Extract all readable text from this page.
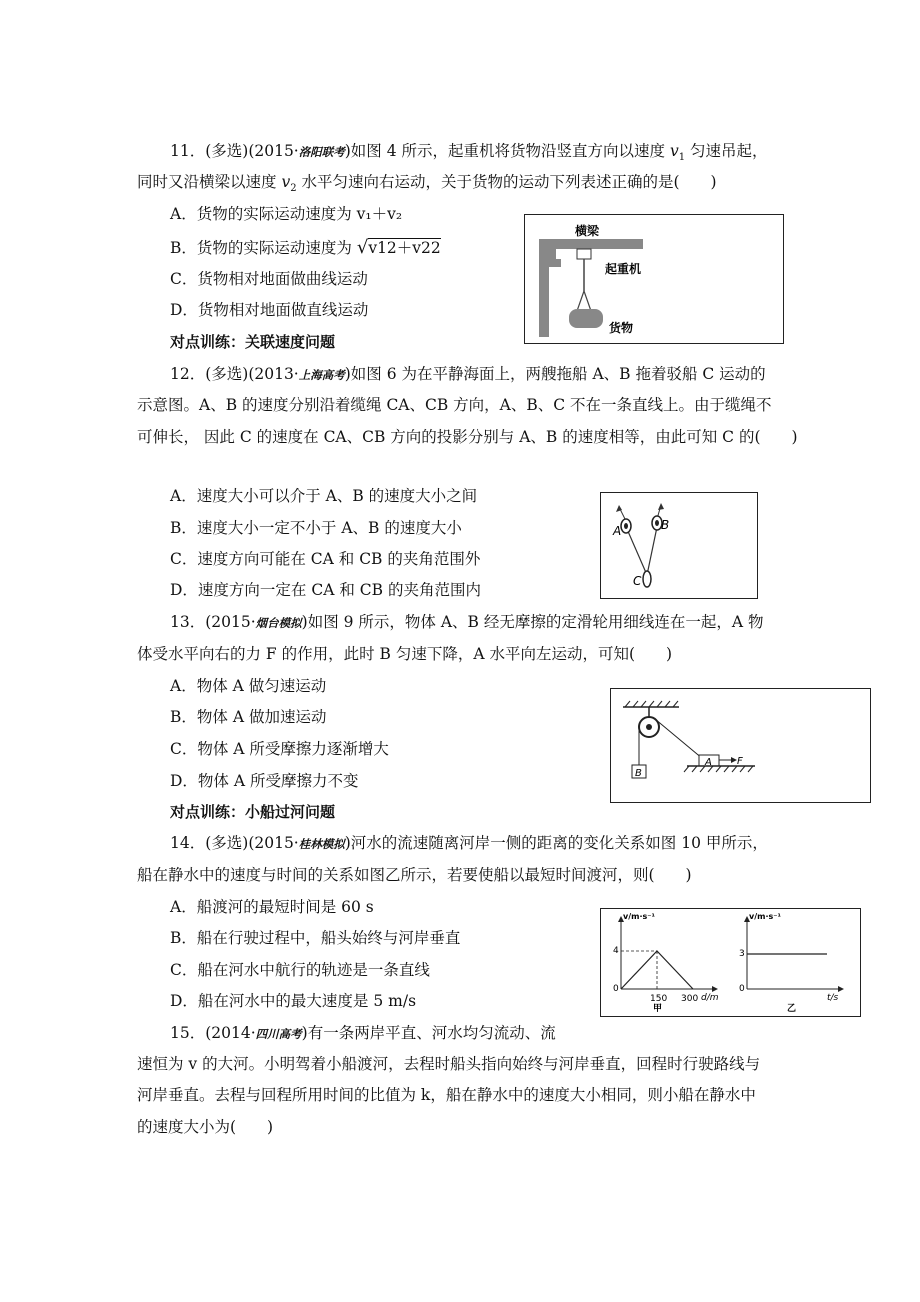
11．(多选)(2015·洛阳联考)如图 4 所示，起重机将货物沿竖直方向以速度 $v_1$ 匀速吊起，
同时又沿横梁以速度 $v_2$ 水平匀速向右运动，关于货物的运动下列表述正确的是(　　)
A．货物的实际运动速度为 v₁＋v₂
B．货物的实际运动速度为 √v12＋v22
C．货物相对地面做曲线运动
D．货物相对地面做直线运动
横梁
起重机
货物
对点训练：关联速度问题
12．(多选)(2013·上海高考)如图 6 为在平静海面上，两艘拖船 A、B 拖着驳船 C 运动的
示意图。A、B 的速度分别沿着缆绳 CA、CB 方向，A、B、C 不在一条直线上。由于缆绳不
可伸长， 因此 C 的速度在 CA、CB 方向的投影分别与 A、B 的速度相等，由此可知 C 的(　　)
A．速度大小可以介于 A、B 的速度大小之间
B．速度大小一定不小于 A、B 的速度大小
C．速度方向可能在 CA 和 CB 的夹角范围外
D．速度方向一定在 CA 和 CB 的夹角范围内
A	B
C
13．(2015·烟台模拟)如图 9 所示，物体 A、B 经无摩擦的定滑轮用细线连在一起，A 物
体受水平向右的力 F 的作用，此时 B 匀速下降，A 水平向左运动，可知(　　)
A．物体 A 做匀速运动
B．物体 A 做加速运动
C．物体 A 所受摩擦力逐渐增大
D．物体 A 所受摩擦力不变	B
A	F
对点训练：小船过河问题
14．(多选)(2015·桂林模拟)河水的流速随离河岸一侧的距离的变化关系如图 10 甲所示，
船在静水中的速度与时间的关系如图乙所示，若要使船以最短时间渡河，则(　　)
A．船渡河的最短时间是 60 s
B．船在行驶过程中，船头始终与河岸垂直
C．船在河水中航行的轨迹是一条直线
D．船在河水中的最大速度是 5 m/s
v/m·s⁻¹
4
0
150 300 d/m
甲
v/m·s⁻¹
3
0
t/s
乙
15．(2014·四川高考)有一条两岸平直、河水均匀流动、流
速恒为 v 的大河。小明驾着小船渡河，去程时船头指向始终与河岸垂直，回程时行驶路线与
河岸垂直。去程与回程所用时间的比值为 k，船在静水中的速度大小相同，则小船在静水中
的速度大小为(　　)
